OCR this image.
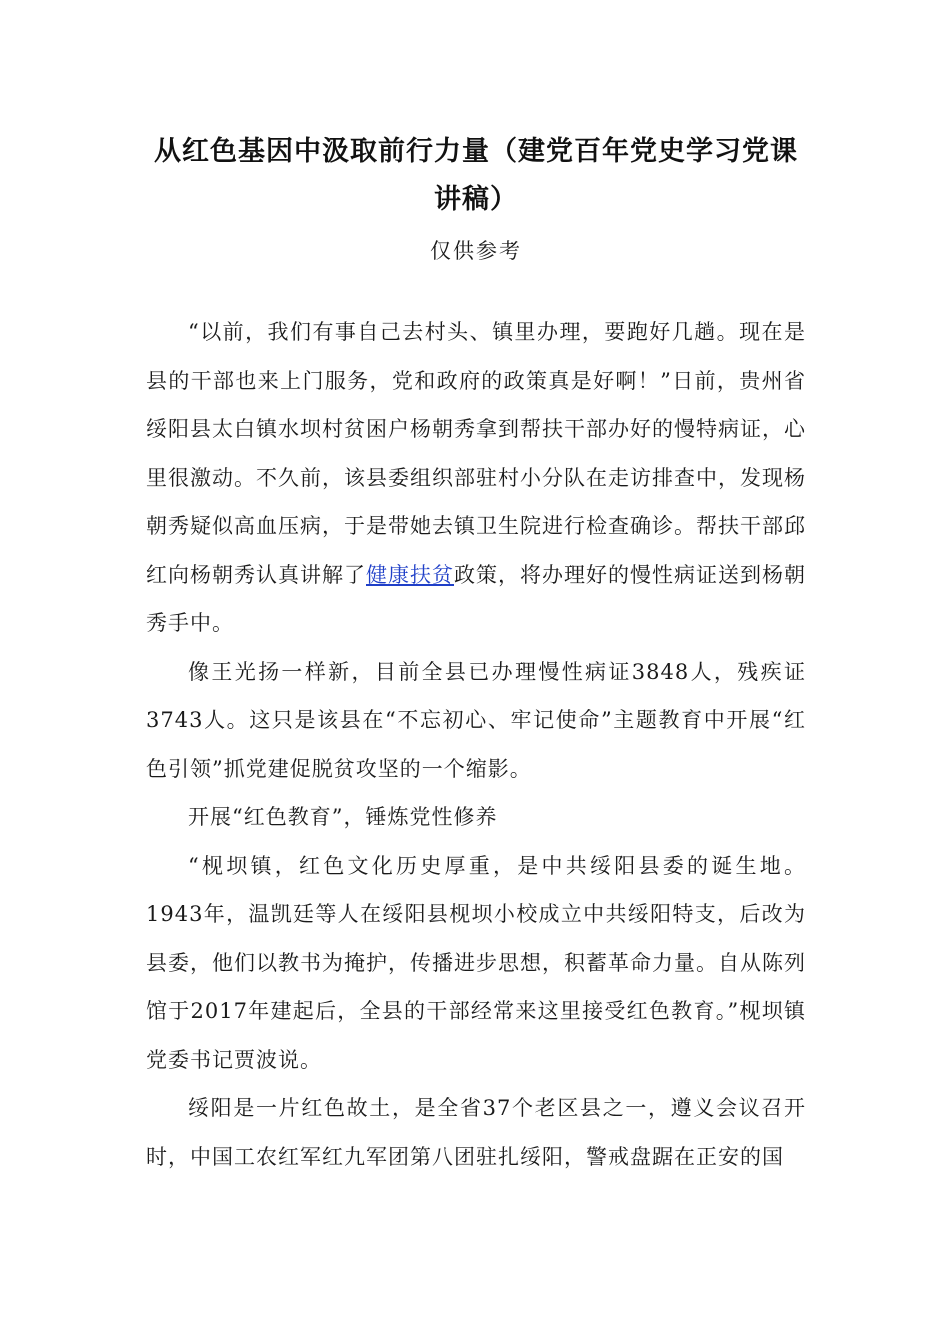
从红色基因中汲取前行力量（建党百年党史学习党课讲稿）
仅供参考

“以前，我们有事自己去村头、镇里办理，要跑好几趟。现在是县的干部也来上门服务，党和政府的政策真是好啊！”日前，贵州省绥阳县太白镇水坝村贫困户杨朝秀拿到帮扶干部办好的慢特病证，心里很激动。不久前，该县委组织部驻村小分队在走访排查中，发现杨朝秀疑似高血压病，于是带她去镇卫生院进行检查确诊。帮扶干部邱红向杨朝秀认真讲解了健康扶贫政策，将办理好的慢性病证送到杨朝秀手中。

像王光扬一样新，目前全县已办理慢性病证3848人，残疾证3743人。这只是该县在“不忘初心、牢记使命”主题教育中开展“红色引领”抓党建促脱贫攻坚的一个缩影。

开展“红色教育”，锤炼党性修养

“枧坝镇，红色文化历史厚重，是中共绥阳县委的诞生地。1943年，温凯廷等人在绥阳县枧坝小校成立中共绥阳特支，后改为县委，他们以教书为掩护，传播进步思想，积蓄革命力量。自从陈列馆于2017年建起后，全县的干部经常来这里接受红色教育。”枧坝镇党委书记贾波说。

绥阳是一片红色故土，是全省37个老区县之一，遵义会议召开时，中国工农红军红九军团第八团驻扎绥阳，警戒盘踞在正安的国
